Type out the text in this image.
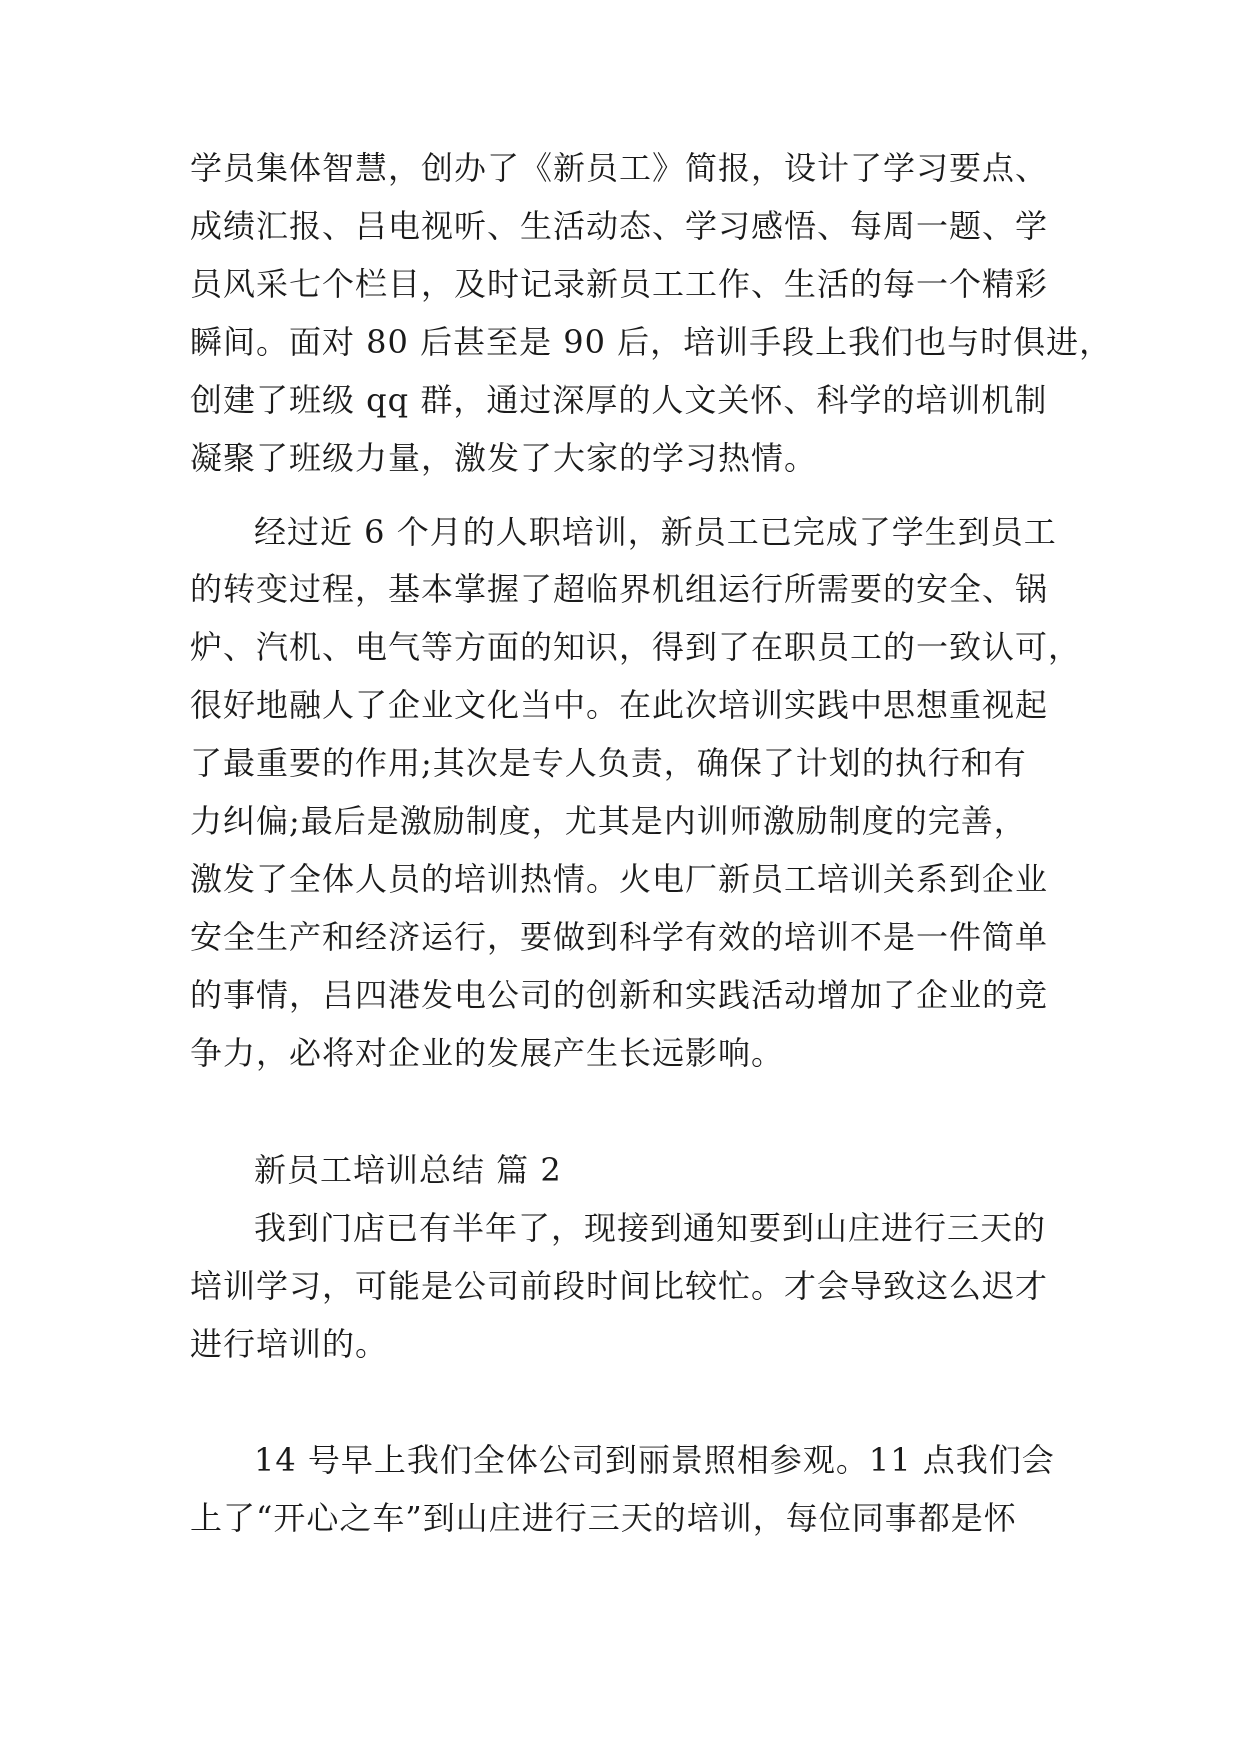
学员集体智慧，创办了《新员工》简报，设计了学习要点、
成绩汇报、吕电视听、生活动态、学习感悟、每周一题、学
员风采七个栏目，及时记录新员工工作、生活的每一个精彩
瞬间。面对 80 后甚至是 90 后，培训手段上我们也与时俱进，
创建了班级 qq 群，通过深厚的人文关怀、科学的培训机制
凝聚了班级力量，激发了大家的学习热情。
经过近 6 个月的人职培训，新员工已完成了学生到员工
的转变过程，基本掌握了超临界机组运行所需要的安全、锅
炉、汽机、电气等方面的知识，得到了在职员工的一致认可，
很好地融人了企业文化当中。在此次培训实践中思想重视起
了最重要的作用;其次是专人负责，确保了计划的执行和有
力纠偏;最后是激励制度，尤其是内训师激励制度的完善，
激发了全体人员的培训热情。火电厂新员工培训关系到企业
安全生产和经济运行，要做到科学有效的培训不是一件简单
的事情，吕四港发电公司的创新和实践活动增加了企业的竞
争力，必将对企业的发展产生长远影响。
新员工培训总结 篇 2
我到门店已有半年了，现接到通知要到山庄进行三天的
培训学习，可能是公司前段时间比较忙。才会导致这么迟才
进行培训的。
14 号早上我们全体公司到丽景照相参观。11 点我们会
上了“开心之车”到山庄进行三天的培训，每位同事都是怀
